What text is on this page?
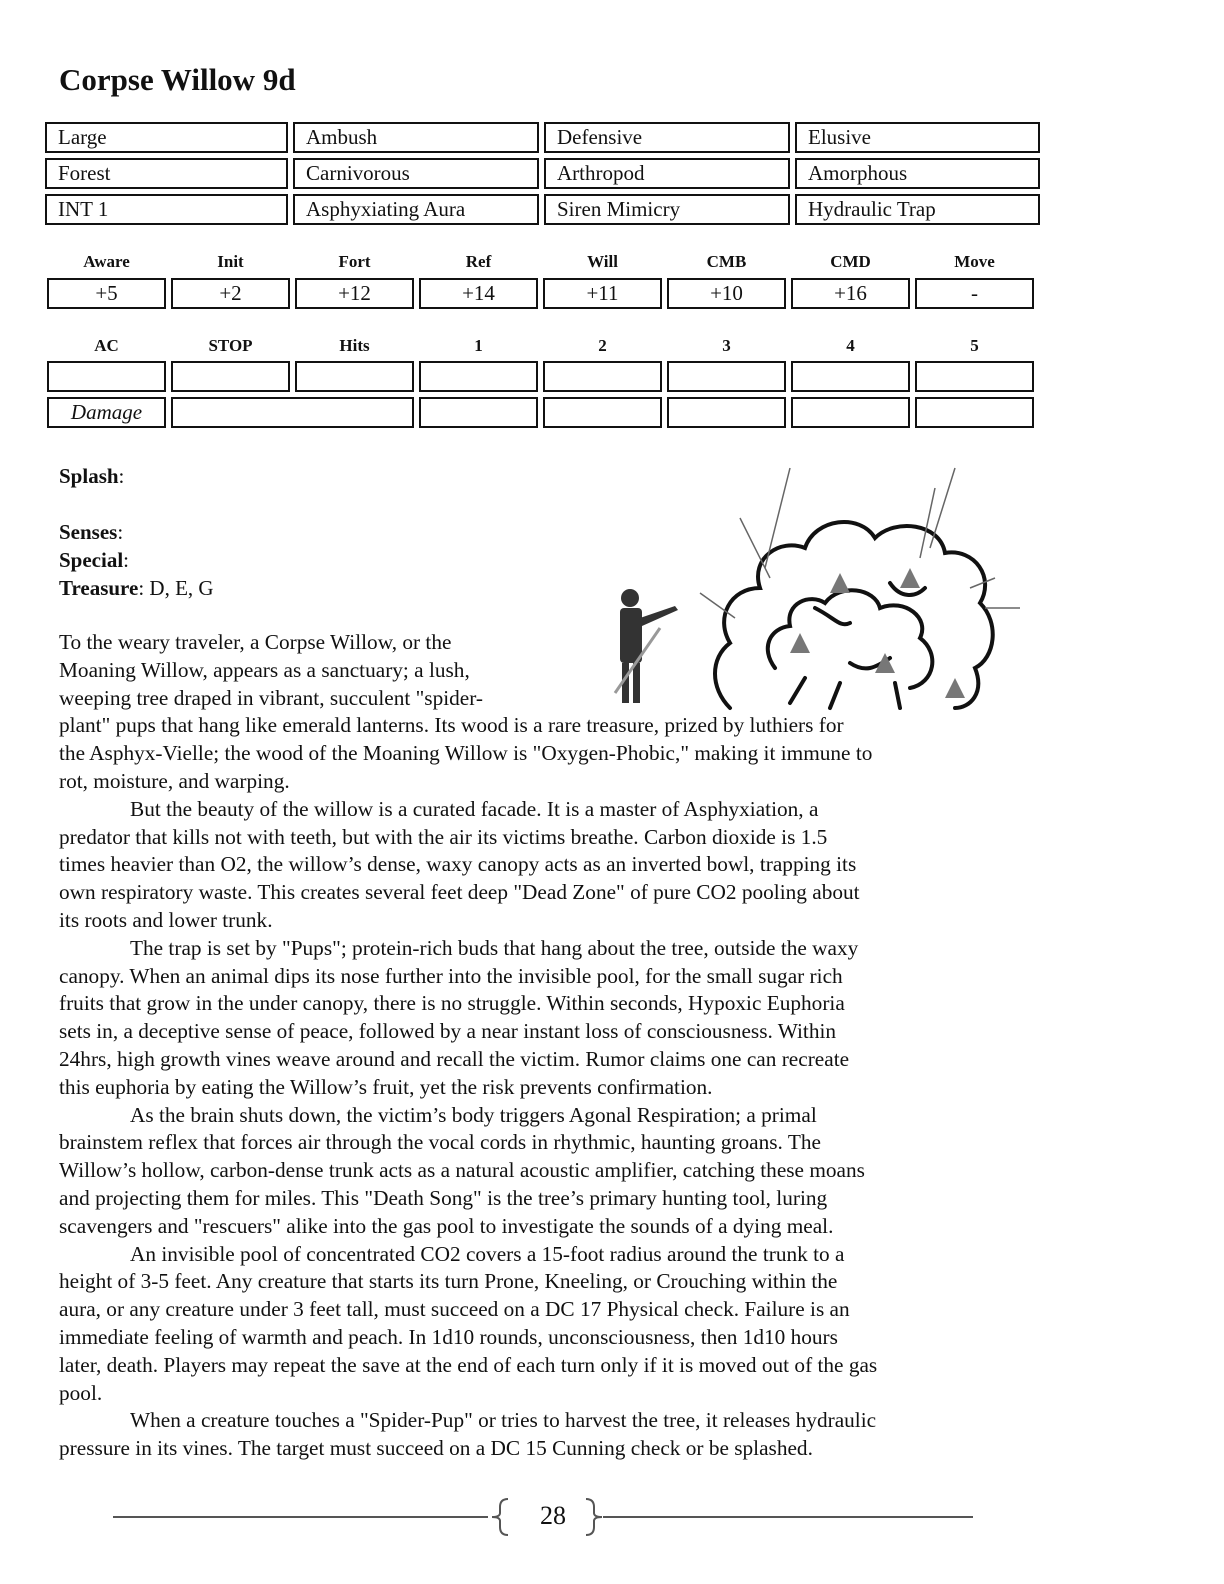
Corpse Willow 9d
Large	Ambush	Defensive	Elusive
Forest	Carnivorous	Arthropod	Amorphous
INT 1	Asphyxiating Aura	Siren Mimicry	Hydraulic Trap
Aware	Init	Fort	Ref	Will	CMB	CMD	Move
+5	+2	+12	+14	+11	+10	+16	-
AC	STOP	Hits	1	2	3	4	5
Damage
Splash:
Senses:
Special:
Treasure: D, E, G
To the weary traveler, a Corpse Willow, or the
Moaning Willow, appears as a sanctuary; a lush,
weeping tree draped in vibrant, succulent "spider-
plant" pups that hang like emerald lanterns. Its wood is a rare treasure, prized by luthiers for
the Asphyx-Vielle; the wood of the Moaning Willow is "Oxygen-Phobic," making it immune to
rot, moisture, and warping.
But the beauty of the willow is a curated facade. It is a master of Asphyxiation, a
predator that kills not with teeth, but with the air its victims breathe. Carbon dioxide is 1.5
times heavier than O2, the willow’s dense, waxy canopy acts as an inverted bowl, trapping its
own respiratory waste. This creates several feet deep "Dead Zone" of pure CO2 pooling about
its roots and lower trunk.
The trap is set by "Pups"; protein-rich buds that hang about the tree, outside the waxy
canopy. When an animal dips its nose further into the invisible pool, for the small sugar rich
fruits that grow in the under canopy, there is no struggle. Within seconds, Hypoxic Euphoria
sets in, a deceptive sense of peace, followed by a near instant loss of consciousness. Within
24hrs, high growth vines weave around and recall the victim. Rumor claims one can recreate
this euphoria by eating the Willow’s fruit, yet the risk prevents confirmation.
As the brain shuts down, the victim’s body triggers Agonal Respiration; a primal
brainstem reflex that forces air through the vocal cords in rhythmic, haunting groans. The
Willow’s hollow, carbon-dense trunk acts as a natural acoustic amplifier, catching these moans
and projecting them for miles. This "Death Song" is the tree’s primary hunting tool, luring
scavengers and "rescuers" alike into the gas pool to investigate the sounds of a dying meal.
An invisible pool of concentrated CO2 covers a 15-foot radius around the trunk to a
height of 3-5 feet. Any creature that starts its turn Prone, Kneeling, or Crouching within the
aura, or any creature under 3 feet tall, must succeed on a DC 17 Physical check. Failure is an
immediate feeling of warmth and peach. In 1d10 rounds, unconsciousness, then 1d10 hours
later, death. Players may repeat the save at the end of each turn only if it is moved out of the gas
pool.
When a creature touches a "Spider-Pup" or tries to harvest the tree, it releases hydraulic
pressure in its vines. The target must succeed on a DC 15 Cunning check or be splashed.
28
